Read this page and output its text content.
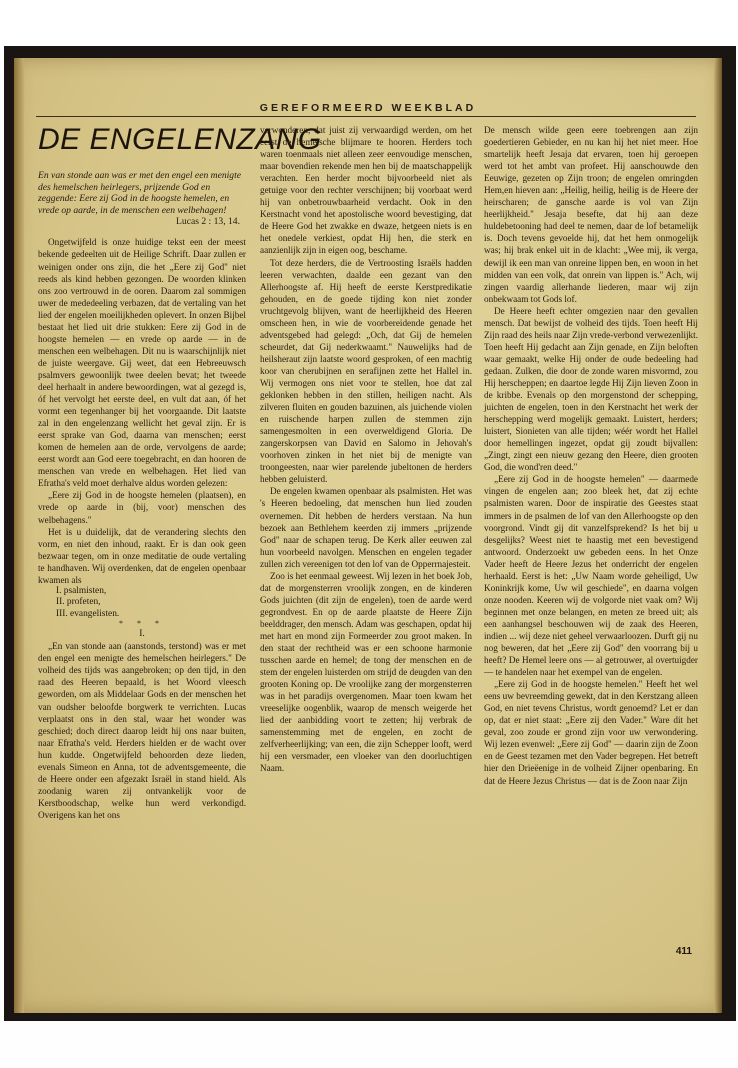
GEREFORMEERD WEEKBLAD
DE ENGELENZANG

En van stonde aan was er met den engel een menigte des hemelschen heirlegers, prijzende God en zeggende: Eere zij God in de hoogste hemelen, en vrede op aarde, in de menschen een welbehagen!

Lucas 2 : 13, 14.

Ongetwijfeld is onze huidige tekst een der meest bekende gedeelten uit de Heilige Schrift. Daar zullen er weinigen onder ons zijn, die het „Eere zij God" niet reeds als kind hebben gezongen. De woorden klinken ons zoo vertrouwd in de ooren. Daarom zal sommigen uwer de mededeeling verbazen, dat de vertaling van het lied der engelen moeilijkheden oplevert. In onzen Bijbel bestaat het lied uit drie stukken: Eere zij God in de hoogste hemelen — en vrede op aarde — in de menschen een welbehagen. Dit nu is waarschijnlijk niet de juiste weergave. Gij weet, dat een Hebreeuwsch psalmvers gewoonlijk twee deelen bevat; het tweede deel herhaalt in andere bewoordingen, wat al gezegd is, óf het vervolgt het eerste deel, en vult dat aan, óf het vormt een tegenhanger bij het voorgaande. Dit laatste zal in den engelenzang wellicht het geval zijn. Er is eerst sprake van God, daarna van menschen; eerst komen de hemelen aan de orde, vervolgens de aarde; eerst wordt aan God eere toegebracht, en dan hooren de menschen van vrede en welbehagen. Het lied van Efratha's veld moet derhalve aldus worden gelezen:

„Eere zij God in de hoogste hemelen (plaatsen), en vrede op aarde in (bij, voor) menschen des welbehagens."

Het is u duidelijk, dat de verandering slechts den vorm, en niet den inhoud, raakt. Er is dan ook geen bezwaar tegen, om in onze meditatie de oude vertaling te handhaven. Wij overdenken, dat de engelen openbaar kwamen als

I. psalmisten,
II. profeten,
III. evangelisten.
* * *
I.

„En van stonde aan (aanstonds, terstond) was er met den engel een menigte des hemelschen heirlegers." De volheid des tijds was aangebroken; op den tijd, in den raad des Heeren bepaald, is het Woord vleesch geworden, om als Middelaar Gods en der menschen het van oudsher beloofde borgwerk te verrichten. Lucas verplaatst ons in den stal, waar het wonder was geschied; doch direct daarop leidt hij ons naar buiten, naar Efratha's veld. Herders hielden er de wacht over hun kudde. Ongetwijfeld behoorden deze lieden, evenals Simeon en Anna, tot de adventsgemeente, die de Heere onder een afgezakt Israël in stand hield. Als zoodanig waren zij ontvankelijk voor de Kerstboodschap, welke hun werd verkondigd. Overigens kan het ons

verwonderen, dat juist zij verwaardigd werden, om het eerst de hemelsche blijmare te hooren. Herders toch waren toenmaals niet alleen zeer eenvoudige menschen, maar bovendien rekende men hen bij de maatschappelijk verachten. Een herder mocht bijvoorbeeld niet als getuige voor den rechter verschijnen; bij voorbaat werd hij van onbetrouwbaarheid verdacht. Ook in den Kerstnacht vond het apostolische woord bevestiging, dat de Heere God het zwakke en dwaze, hetgeen niets is en het onedele verkiest, opdat Hij hen, die sterk en aanzienlijk zijn in eigen oog, beschame.

Tot deze herders, die de Vertroosting Israëls hadden leeren verwachten, daalde een gezant van den Allerhoogste af. Hij heeft de eerste Kerstpredikatie gehouden, en de goede tijding kon niet zonder vruchtgevolg blijven, want de heerlijkheid des Heeren omscheen hen, in wie de voorbereidende genade het adventsgebed had gelegd: „Och, dat Gij de hemelen scheurdet, dat Gij nederkwaamt." Nauwelijks had de heilsheraut zijn laatste woord gesproken, of een machtig koor van cherubijnen en serafijnen zette het Hallel in. Wij vermogen ons niet voor te stellen, hoe dat zal geklonken hebben in den stillen, heiligen nacht. Als zilveren fluiten en gouden bazuinen, als juichende violen en ruischende harpen zullen de stemmen zijn samengesmolten in een overweldigend Gloria. De zangerskorpsen van David en Salomo in Jehovah's voorhoven zinken in het niet bij de menigte van troongeesten, naar wier parelende jubeltonen de herders hebben geluisterd.

De engelen kwamen openbaar als psalmisten. Het was 's Heeren bedoeling, dat menschen hun lied zouden overnemen. Dit hebben de herders verstaan. Na hun bezoek aan Bethlehem keerden zij immers „prijzende God" naar de schapen terug. De Kerk aller eeuwen zal hun voorbeeld navolgen. Menschen en engelen tegader zullen zich vereenigen tot den lof van de Opperrnajesteit.

Zoo is het eenmaal geweest. Wij lezen in het boek Job, dat de morgensterren vroolijk zongen, en de kinderen Gods juichten (dit zijn de engelen), toen de aarde werd gegrondvest. En op de aarde plaatste de Heere Zijn beelddrager, den mensch. Adam was geschapen, opdat hij met hart en mond zijn Formeerder zou groot maken. In den staat der rechtheid was er een schoone harmonie tusschen aarde en hemel; de tong der menschen en de stem der engelen luisterden om strijd de deugden van den grooten Koning op. De vroolijke zang der morgensterren was in het paradijs overgenomen. Maar toen kwam het vreeselijke oogenblik, waarop de mensch weigerde het lied der aanbidding voort te zetten; hij verbrak de samenstemming met de engelen, en zocht de zelfverheerlijking; van een, die zijn Schepper looft, werd hij een versmader, een vloeker van den doorluchtigen Naam.

De mensch wilde geen eere toebrengen aan zijn goedertieren Gebieder, en nu kan hij het niet meer. Hoe smartelijk heeft Jesaja dat ervaren, toen hij geroepen werd tot het ambt van profeet. Hij aanschouwde den Eeuwige, gezeten op Zijn troon; de engelen omringden Hem,en hieven aan: „Heilig, heilig, heilig is de Heere der heirscharen; de gansche aarde is vol van Zijn heerlijkheid." Jesaja besefte, dat hij aan deze huldebetooning had deel te nemen, daar de lof betamelijk is. Doch tevens gevoelde hij, dat het hem onmogelijk was; hij brak enkel uit in de klacht: „Wee mij, ik verga, dewijl ik een man van onreine lippen ben, en woon in het midden van een volk, dat onrein van lippen is." Ach, wij zingen vaardig allerhande liederen, maar wij zijn onbekwaam tot Gods lof.

De Heere heeft echter omgezien naar den gevallen mensch. Dat bewijst de volheid des tijds. Toen heeft Hij Zijn raad des heils naar Zijn vrede-verbond verwezenlijkt. Toen heeft Hij gedacht aan Zijn genade, en Zijn beloften waar gemaakt, welke Hij onder de oude bedeeling had gedaan. Zulken, die door de zonde waren misvormd, zou Hij herscheppen; en daartoe legde Hij Zijn lieven Zoon in de kribbe. Evenals op den morgenstond der schepping, juichten de engelen, toen in den Kerstnacht het werk der herschepping werd mogelijk gemaakt. Luistert, herders; luistert, Sionieten van alle tijden; wéér wordt het Hallel door hemellingen ingezet, opdat gij zoudt bijvallen: „Zingt, zingt een nieuw gezang den Heere, dien grooten God, die wond'ren deed."

„Eere zij God in de hoogste hemelen" — daarmede vingen de engelen aan; zoo bleek het, dat zij echte psalmisten waren. Door de inspiratie des Geestes staat immers in de psalmen de lof van den Allerhoogste op den voorgrond. Vindt gij dit vanzelfsprekend? Is het bij u desgelijks? Weest niet te haastig met een bevestigend antwoord. Onderzoekt uw gebeden eens. In het Onze Vader heeft de Heere Jezus het onderricht der engelen herhaald. Eerst is het: „Uw Naam worde geheiligd, Uw Koninkrijk kome, Uw wil geschiede", en daarna volgen onze nooden. Keeren wij de volgorde niet vaak om? Wij beginnen met onze belangen, en meten ze breed uit; als een aanhangsel beschouwen wij de zaak des Heeren, indien ... wij deze niet geheel verwaarloozen. Durft gij nu nog beweren, dat het „Eere zij God" den voorrang bij u heeft? De Hemel leere ons — al getrouwer, al overtuigder — te handelen naar het exempel van de engelen.

„Eere zij God in de hoogste hemelen." Heeft het wel eens uw bevreemding gewekt, dat in den Kerstzang alleen God, en niet tevens Christus, wordt genoemd? Let er dan op, dat er niet staat: „Eere zij den Vader." Ware dit het geval, zoo zoude er grond zijn voor uw verwondering. Wij lezen evenwel: „Eere zij God" — daarin zijn de Zoon en de Geest tezamen met den Vader begrepen. Het betreft hier den Drieëenige in de volheid Zijner openbaring. En dat de Heere Jezus Christus — dat is de Zoon naar Zijn

411
